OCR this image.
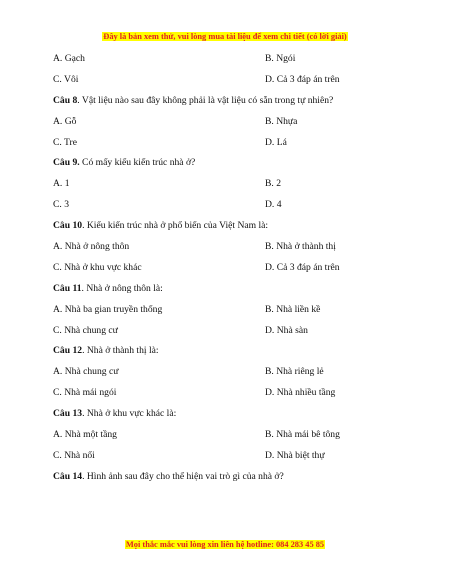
Đây là bản xem thử, vui lòng mua tài liệu để xem chi tiết (có lời giải)
A. Gạch	B. Ngói
C. Vôi	D. Cả 3 đáp án trên
Câu 8. Vật liệu nào sau đây không phải là vật liệu có sẵn trong tự nhiên?
A. Gỗ	B. Nhựa
C. Tre	D. Lá
Câu 9. Có mấy kiểu kiến trúc nhà ở?
A. 1	B. 2
C. 3	D. 4
Câu 10. Kiểu kiến trúc nhà ở phổ biến của Việt Nam là:
A. Nhà ở nông thôn	B. Nhà ở thành thị
C. Nhà ở khu vực khác	D. Cả 3 đáp án trên
Câu 11. Nhà ở nông thôn là:
A. Nhà ba gian truyền thống	B. Nhà liền kề
C. Nhà chung cư	D. Nhà sàn
Câu 12. Nhà ở thành thị là:
A. Nhà chung cư	B. Nhà riêng lẻ
C. Nhà mái ngói	D. Nhà nhiều tầng
Câu 13. Nhà ở khu vực khác là:
A. Nhà một tầng	B. Nhà mái bê tông
C. Nhà nổi	D. Nhà biệt thự
Câu 14. Hình ảnh sau đây cho thể hiện vai trò gì của nhà ở?
Mọi thắc mắc vui lòng xin liên hệ hotline: 084 283 45 85
